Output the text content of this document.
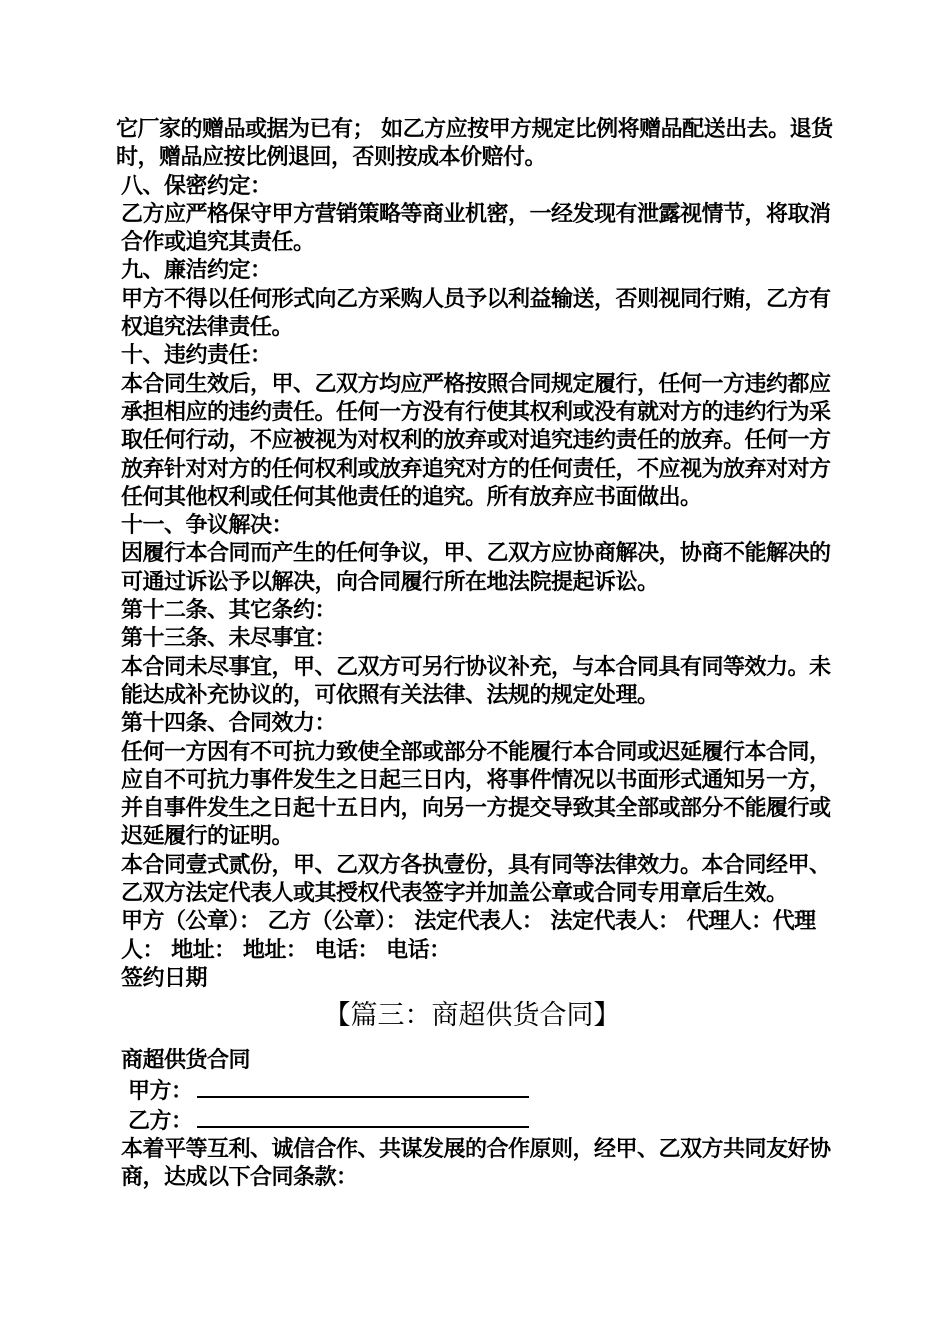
它厂家的赠品或据为已有； 如乙方应按甲方规定比例将赠品配送出去。退货时，赠品应按比例退回，否则按成本价赔付。

八、保密约定：

乙方应严格保守甲方营销策略等商业机密，一经发现有泄露视情节，将取消合作或追究其责任。

九、廉洁约定：

甲方不得以任何形式向乙方采购人员予以利益输送，否则视同行贿，乙方有权追究法律责任。

十、违约责任：

本合同生效后，甲、乙双方均应严格按照合同规定履行，任何一方违约都应承担相应的违约责任。任何一方没有行使其权利或没有就对方的违约行为采取任何行动，不应被视为对权利的放弃或对追究违约责任的放弃。任何一方放弃针对对方的任何权利或放弃追究对方的任何责任，不应视为放弃对对方任何其他权利或任何其他责任的追究。所有放弃应书面做出。

十一、争议解决：

因履行本合同而产生的任何争议，甲、乙双方应协商解决，协商不能解决的可通过诉讼予以解决，向合同履行所在地法院提起诉讼。

第十二条、其它条约：

第十三条、未尽事宜：

本合同未尽事宜，甲、乙双方可另行协议补充，与本合同具有同等效力。未能达成补充协议的，可依照有关法律、法规的规定处理。

第十四条、合同效力：

任何一方因有不可抗力致使全部或部分不能履行本合同或迟延履行本合同，应自不可抗力事件发生之日起三日内，将事件情况以书面形式通知另一方，并自事件发生之日起十五日内，向另一方提交导致其全部或部分不能履行或迟延履行的证明。

本合同壹式贰份，甲、乙双方各执壹份，具有同等法律效力。本合同经甲、乙双方法定代表人或其授权代表签字并加盖公章或合同专用章后生效。

甲方（公章）： 乙方（公章）： 法定代表人： 法定代表人： 代理人：代理人： 地址： 地址： 电话： 电话：

签约日期

【篇三：商超供货合同】

商超供货合同

甲方：

乙方：

本着平等互利、诚信合作、共谋发展的合作原则，经甲、乙双方共同友好协商，达成以下合同条款：
